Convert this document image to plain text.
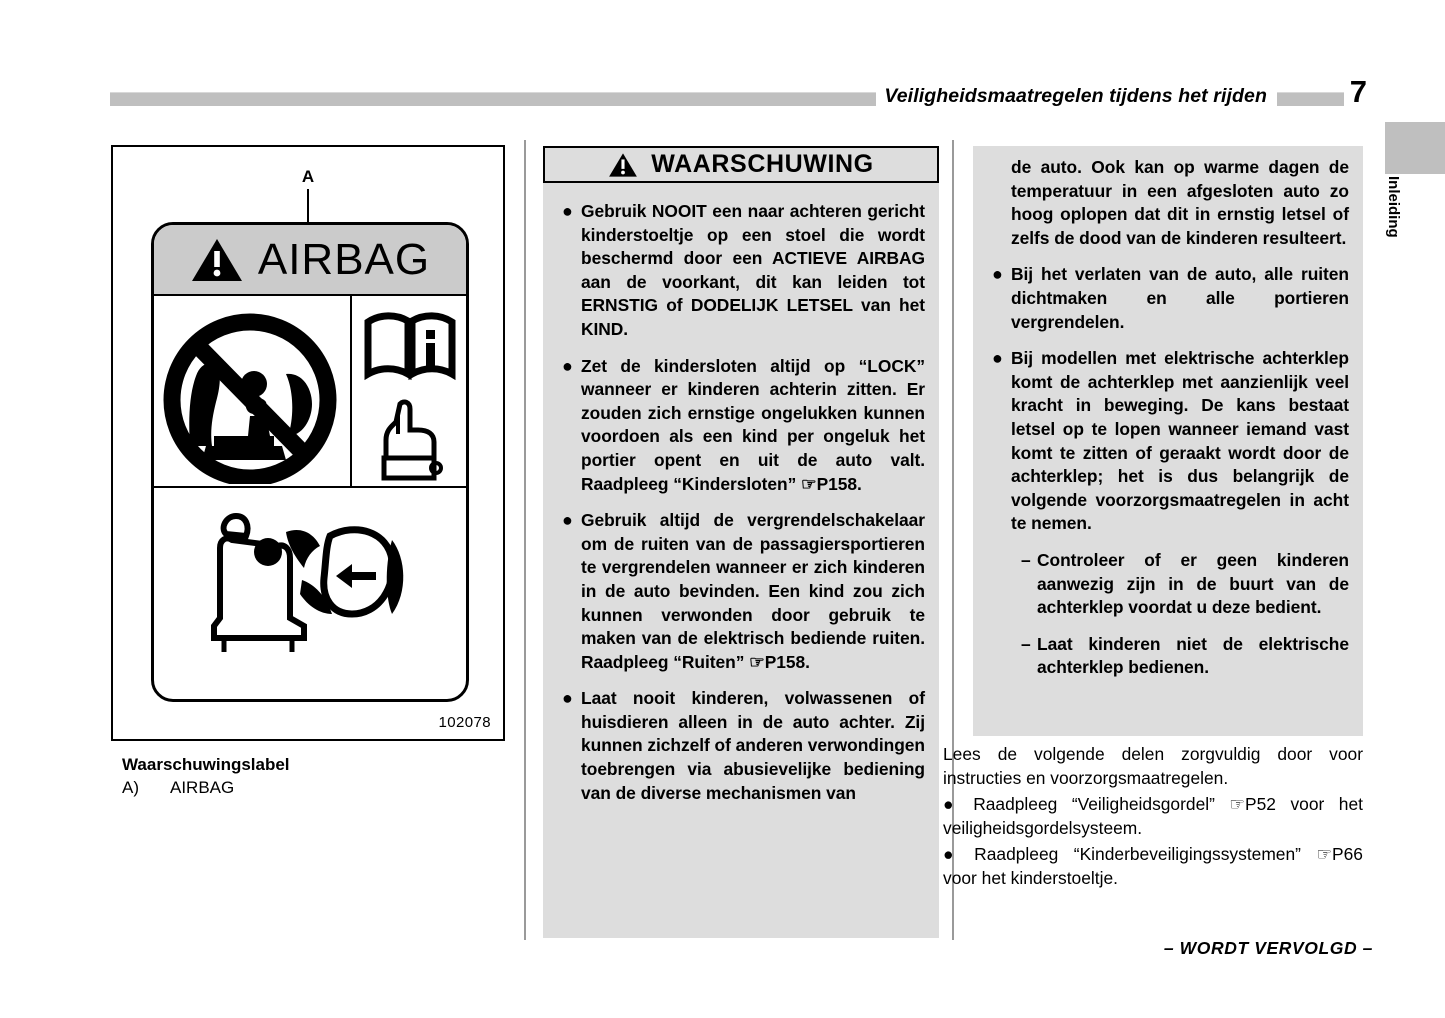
Veiligheidsmaatregelen tijdens het rijden	7
Inleiding
A
AIRBAG
102078
Waarschuwingslabel
A) AIRBAG
WAARSCHUWING
● Gebruik NOOIT een naar achteren gericht kinderstoeltje op een stoel die wordt beschermd door een ACTIEVE AIRBAG aan de voorkant, dit kan leiden tot ERNSTIG of DODELIJK LETSEL van het KIND.
● Zet de kindersloten altijd op “LOCK” wanneer er kinderen achterin zitten. Er zouden zich ernstige ongelukken kunnen voordoen als een kind per ongeluk het portier opent en uit de auto valt. Raadpleeg “Kindersloten” ☞P158.
● Gebruik altijd de vergrendelschakelaar om de ruiten van de passagiersportieren te vergrendelen wanneer er zich kinderen in de auto bevinden. Een kind zou zich kunnen verwonden door gebruik te maken van de elektrisch bediende ruiten. Raadpleeg “Ruiten” ☞P158.
● Laat nooit kinderen, volwassenen of huisdieren alleen in de auto achter. Zij kunnen zichzelf of anderen verwondingen toebrengen via abusievelijke bediening van de diverse mechanismen van
de auto. Ook kan op warme dagen de temperatuur in een afgesloten auto zo hoog oplopen dat dit in ernstig letsel of zelfs de dood van de kinderen resulteert.
● Bij het verlaten van de auto, alle ruiten dichtmaken en alle portieren vergrendelen.
● Bij modellen met elektrische achterklep komt de achterklep met aanzienlijk veel kracht in beweging. De kans bestaat letsel op te lopen wanneer iemand vast komt te zitten of geraakt wordt door de achterklep; het is dus belangrijk de volgende voorzorgsmaatregelen in acht te nemen.
– Controleer of er geen kinderen aanwezig zijn in de buurt van de achterklep voordat u deze bedient.
– Laat kinderen niet de elektrische achterklep bedienen.
Lees de volgende delen zorgvuldig door voor instructies en voorzorgsmaatregelen.
● Raadpleeg “Veiligheidsgordel” ☞P52 voor het veiligheidsgordelsysteem.
● Raadpleeg “Kinderbeveiligingssystemen” ☞P66 voor het kinderstoeltje.
– WORDT VERVOLGD –
